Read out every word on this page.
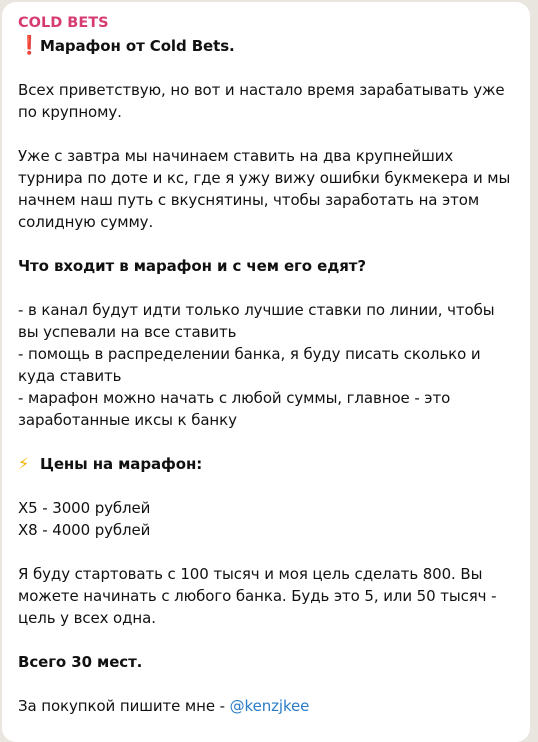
COLD BETS
❗ Марафон от Cold Bets.

Всех приветствую, но вот и настало время зарабатывать уже по крупному.

Уже с завтра мы начинаем ставить на два крупнейших турнира по доте и кс, где я ужу вижу ошибки букмекера и мы начнем наш путь с вкуснятины, чтобы заработать на этом солидную сумму.

Что входит в марафон и с чем его едят?

- в канал будут идти только лучшие ставки по линии, чтобы вы успевали на все ставить

- помощь в распределении банка, я буду писать сколько и куда ставить

- марафон можно начать с любой суммы, главное - это заработанные иксы к банку

⚡ Цены на марафон:

X5 - 3000 рублей

X8 - 4000 рублей

Я буду стартовать с 100 тысяч и моя цель сделать 800. Вы можете начинать с любого банка. Будь это 5, или 50 тысяч - цель у всех одна.

Всего 30 мест.

За покупкой пишите мне - @kenzjkee
